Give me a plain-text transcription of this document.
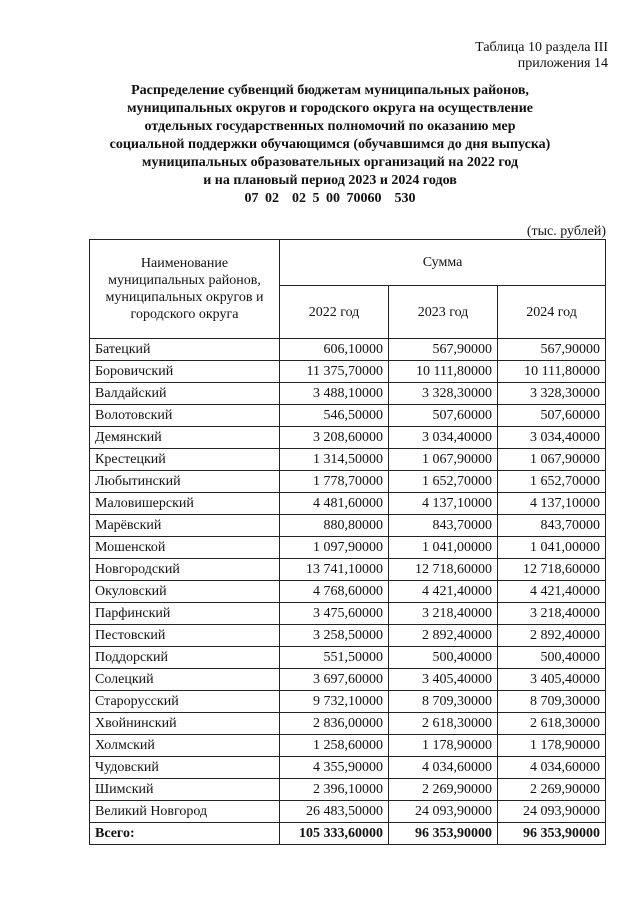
Таблица 10 раздела III
приложения 14
Распределение субвенций бюджетам муниципальных районов,
муниципальных округов и городского округа на осуществление
отдельных государственных полномочий по оказанию мер
социальной поддержки обучающимся (обучавшимся до дня выпуска)
муниципальных образовательных организаций на 2022 год
и на плановый период 2023 и 2024 годов
07 02  02 5 00 70060  530
(тыс. рублей)
Наименование муниципальных районов, муниципальных округов и городского округа	Сумма		
	2022 год	2023 год	2024 год
Батецкий	606,10000	567,90000	567,90000
Боровичский	11 375,70000	10 111,80000	10 111,80000
Валдайский	3 488,10000	3 328,30000	3 328,30000
Волотовский	546,50000	507,60000	507,60000
Демянский	3 208,60000	3 034,40000	3 034,40000
Крестецкий	1 314,50000	1 067,90000	1 067,90000
Любытинский	1 778,70000	1 652,70000	1 652,70000
Маловишерский	4 481,60000	4 137,10000	4 137,10000
Марёвский	880,80000	843,70000	843,70000
Мошенской	1 097,90000	1 041,00000	1 041,00000
Новгородский	13 741,10000	12 718,60000	12 718,60000
Окуловский	4 768,60000	4 421,40000	4 421,40000
Парфинский	3 475,60000	3 218,40000	3 218,40000
Пестовский	3 258,50000	2 892,40000	2 892,40000
Поддорский	551,50000	500,40000	500,40000
Солецкий	3 697,60000	3 405,40000	3 405,40000
Старорусский	9 732,10000	8 709,30000	8 709,30000
Хвойнинский	2 836,00000	2 618,30000	2 618,30000
Холмский	1 258,60000	1 178,90000	1 178,90000
Чудовский	4 355,90000	4 034,60000	4 034,60000
Шимский	2 396,10000	2 269,90000	2 269,90000
Великий Новгород	26 483,50000	24 093,90000	24 093,90000
Всего:	105 333,60000	96 353,90000	96 353,90000
